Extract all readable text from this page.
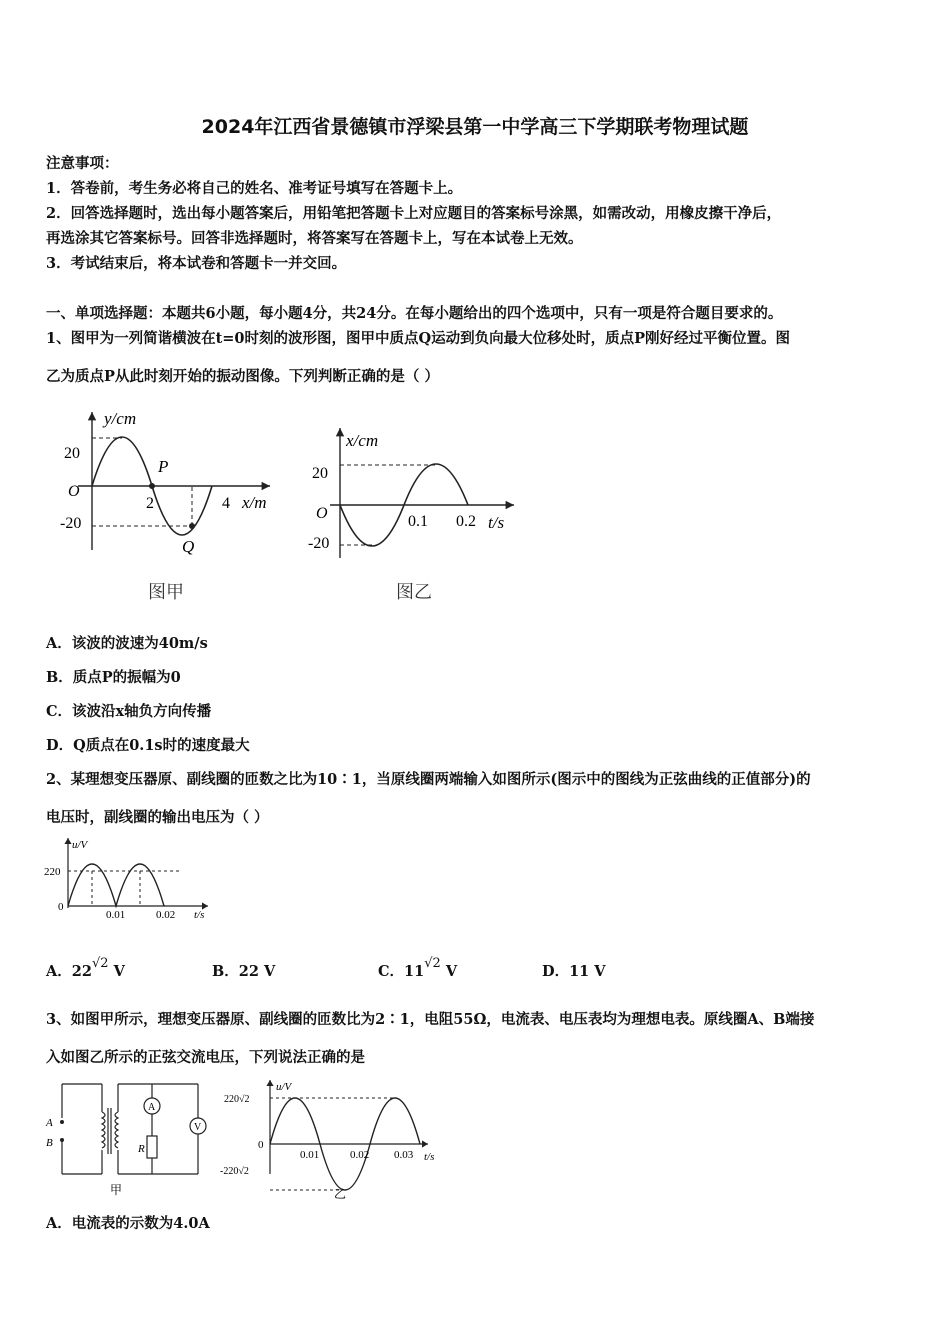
2024年江西省景德镇市浮梁县第一中学高三下学期联考物理试题
注意事项：
1．答卷前，考生务必将自己的姓名、准考证号填写在答题卡上。
2．回答选择题时，选出每小题答案后，用铅笔把答题卡上对应题目的答案标号涂黑，如需改动，用橡皮擦干净后，
再选涂其它答案标号。回答非选择题时，将答案写在答题卡上，写在本试卷上无效。
3．考试结束后，将本试卷和答题卡一并交回。
一、单项选择题：本题共6小题，每小题4分，共24分。在每小题给出的四个选项中，只有一项是符合题目要求的。
1、图甲为一列简谐横波在t=0时刻的波形图，图甲中质点Q运动到负向最大位移处时，质点P刚好经过平衡位置。图
乙为质点P从此时刻开始的振动图像。下列判断正确的是（ ）
y/cm
20
O
-20
2	4
P
Q
x/m
图甲
x/cm
20
O
-20
0.1 0.2 t/s
图乙
A．该波的波速为40m/s
B．质点P的振幅为0
C．该波沿x轴负方向传播
D．Q质点在0.1s时的速度最大
2、某理想变压器原、副线圈的匝数之比为10∶1，当原线圈两端输入如图所示(图示中的图线为正弦曲线的正值部分)的
电压时，副线圈的输出电压为（ ）
u/V
220
0
0.01	0.02 t/s
A．22√2 V	B．22 V	C．11√2 V	D．11 V
3、如图甲所示，理想变压器原、副线圈的匝数比为2∶1，电阻55Ω，电流表、电压表均为理想电表。原线圈A、B端接
入如图乙所示的正弦交流电压，下列说法正确的是
A
B
A
V
R
甲
u/V
220√2
0
-220√2
0.01	0.02 0.03 t/s
乙
A．电流表的示数为4.0A
